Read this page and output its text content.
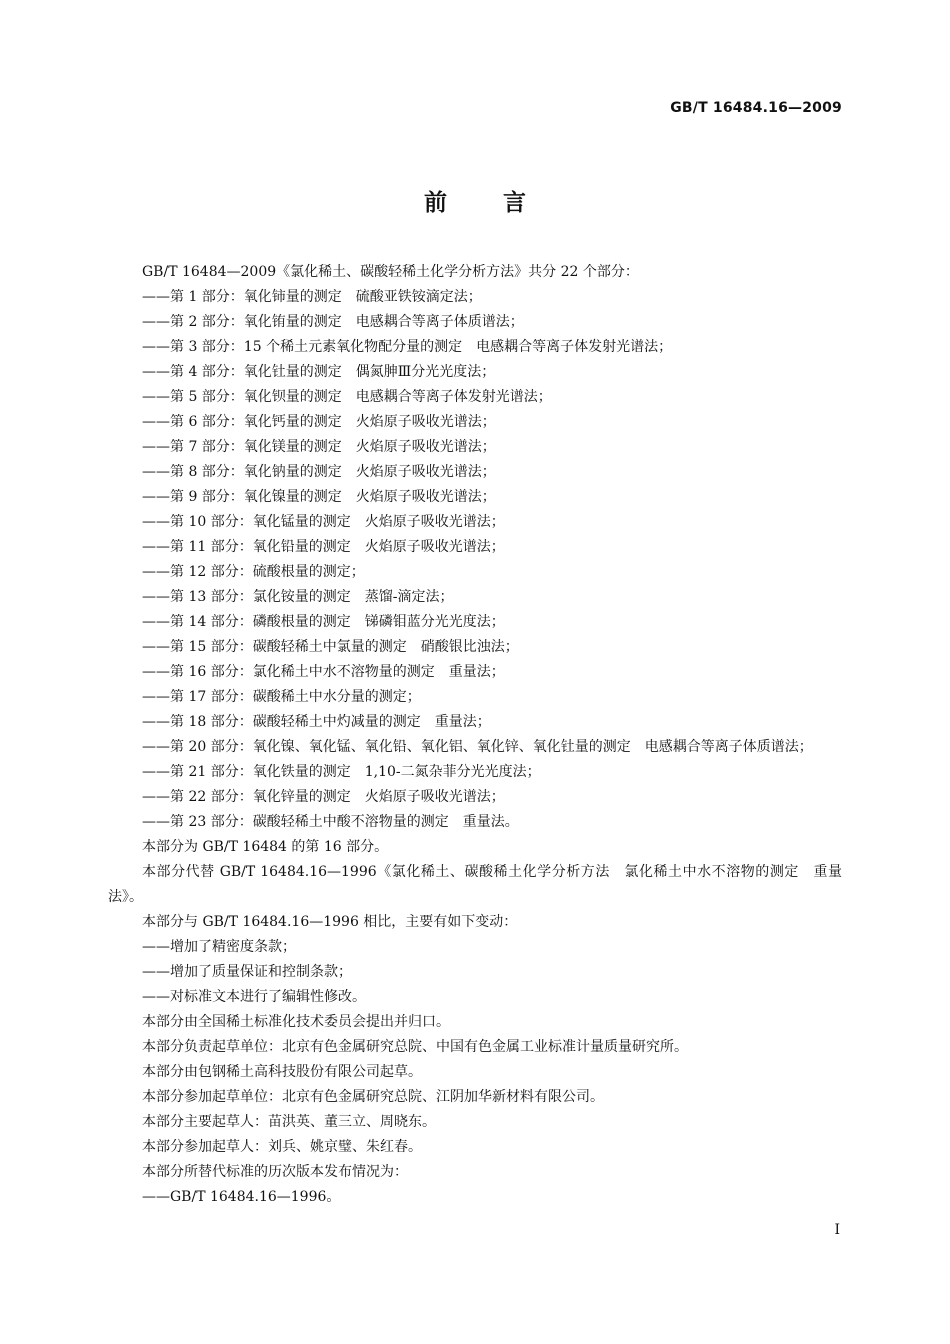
GB/T 16484.16—2009
前言
GB/T 16484—2009《氯化稀土、碳酸轻稀土化学分析方法》共分 22 个部分：
——第 1 部分：氧化铈量的测定　硫酸亚铁铵滴定法；
——第 2 部分：氧化铕量的测定　电感耦合等离子体质谱法；
——第 3 部分：15 个稀土元素氧化物配分量的测定　电感耦合等离子体发射光谱法；
——第 4 部分：氧化钍量的测定　偶氮胂Ⅲ分光光度法；
——第 5 部分：氧化钡量的测定　电感耦合等离子体发射光谱法；
——第 6 部分：氧化钙量的测定　火焰原子吸收光谱法；
——第 7 部分：氧化镁量的测定　火焰原子吸收光谱法；
——第 8 部分：氧化钠量的测定　火焰原子吸收光谱法；
——第 9 部分：氧化镍量的测定　火焰原子吸收光谱法；
——第 10 部分：氧化锰量的测定　火焰原子吸收光谱法；
——第 11 部分：氧化铅量的测定　火焰原子吸收光谱法；
——第 12 部分：硫酸根量的测定；
——第 13 部分：氯化铵量的测定　蒸馏-滴定法；
——第 14 部分：磷酸根量的测定　锑磷钼蓝分光光度法；
——第 15 部分：碳酸轻稀土中氯量的测定　硝酸银比浊法；
——第 16 部分：氯化稀土中水不溶物量的测定　重量法；
——第 17 部分：碳酸稀土中水分量的测定；
——第 18 部分：碳酸轻稀土中灼减量的测定　重量法；
——第 20 部分：氧化镍、氧化锰、氧化铅、氧化铝、氧化锌、氧化钍量的测定　电感耦合等离子体质谱法；
——第 21 部分：氧化铁量的测定　1,10-二氮杂菲分光光度法；
——第 22 部分：氧化锌量的测定　火焰原子吸收光谱法；
——第 23 部分：碳酸轻稀土中酸不溶物量的测定　重量法。
本部分为 GB/T 16484 的第 16 部分。
本部分代替 GB/T 16484.16—1996《氯化稀土、碳酸稀土化学分析方法　氯化稀土中水不溶物的测定　重量法》。
本部分与 GB/T 16484.16—1996 相比，主要有如下变动：
——增加了精密度条款；
——增加了质量保证和控制条款；
——对标准文本进行了编辑性修改。
本部分由全国稀土标准化技术委员会提出并归口。
本部分负责起草单位：北京有色金属研究总院、中国有色金属工业标准计量质量研究所。
本部分由包钢稀土高科技股份有限公司起草。
本部分参加起草单位：北京有色金属研究总院、江阴加华新材料有限公司。
本部分主要起草人：苗洪英、董三立、周晓东。
本部分参加起草人：刘兵、姚京璧、朱红春。
本部分所替代标准的历次版本发布情况为：
——GB/T 16484.16—1996。
I
